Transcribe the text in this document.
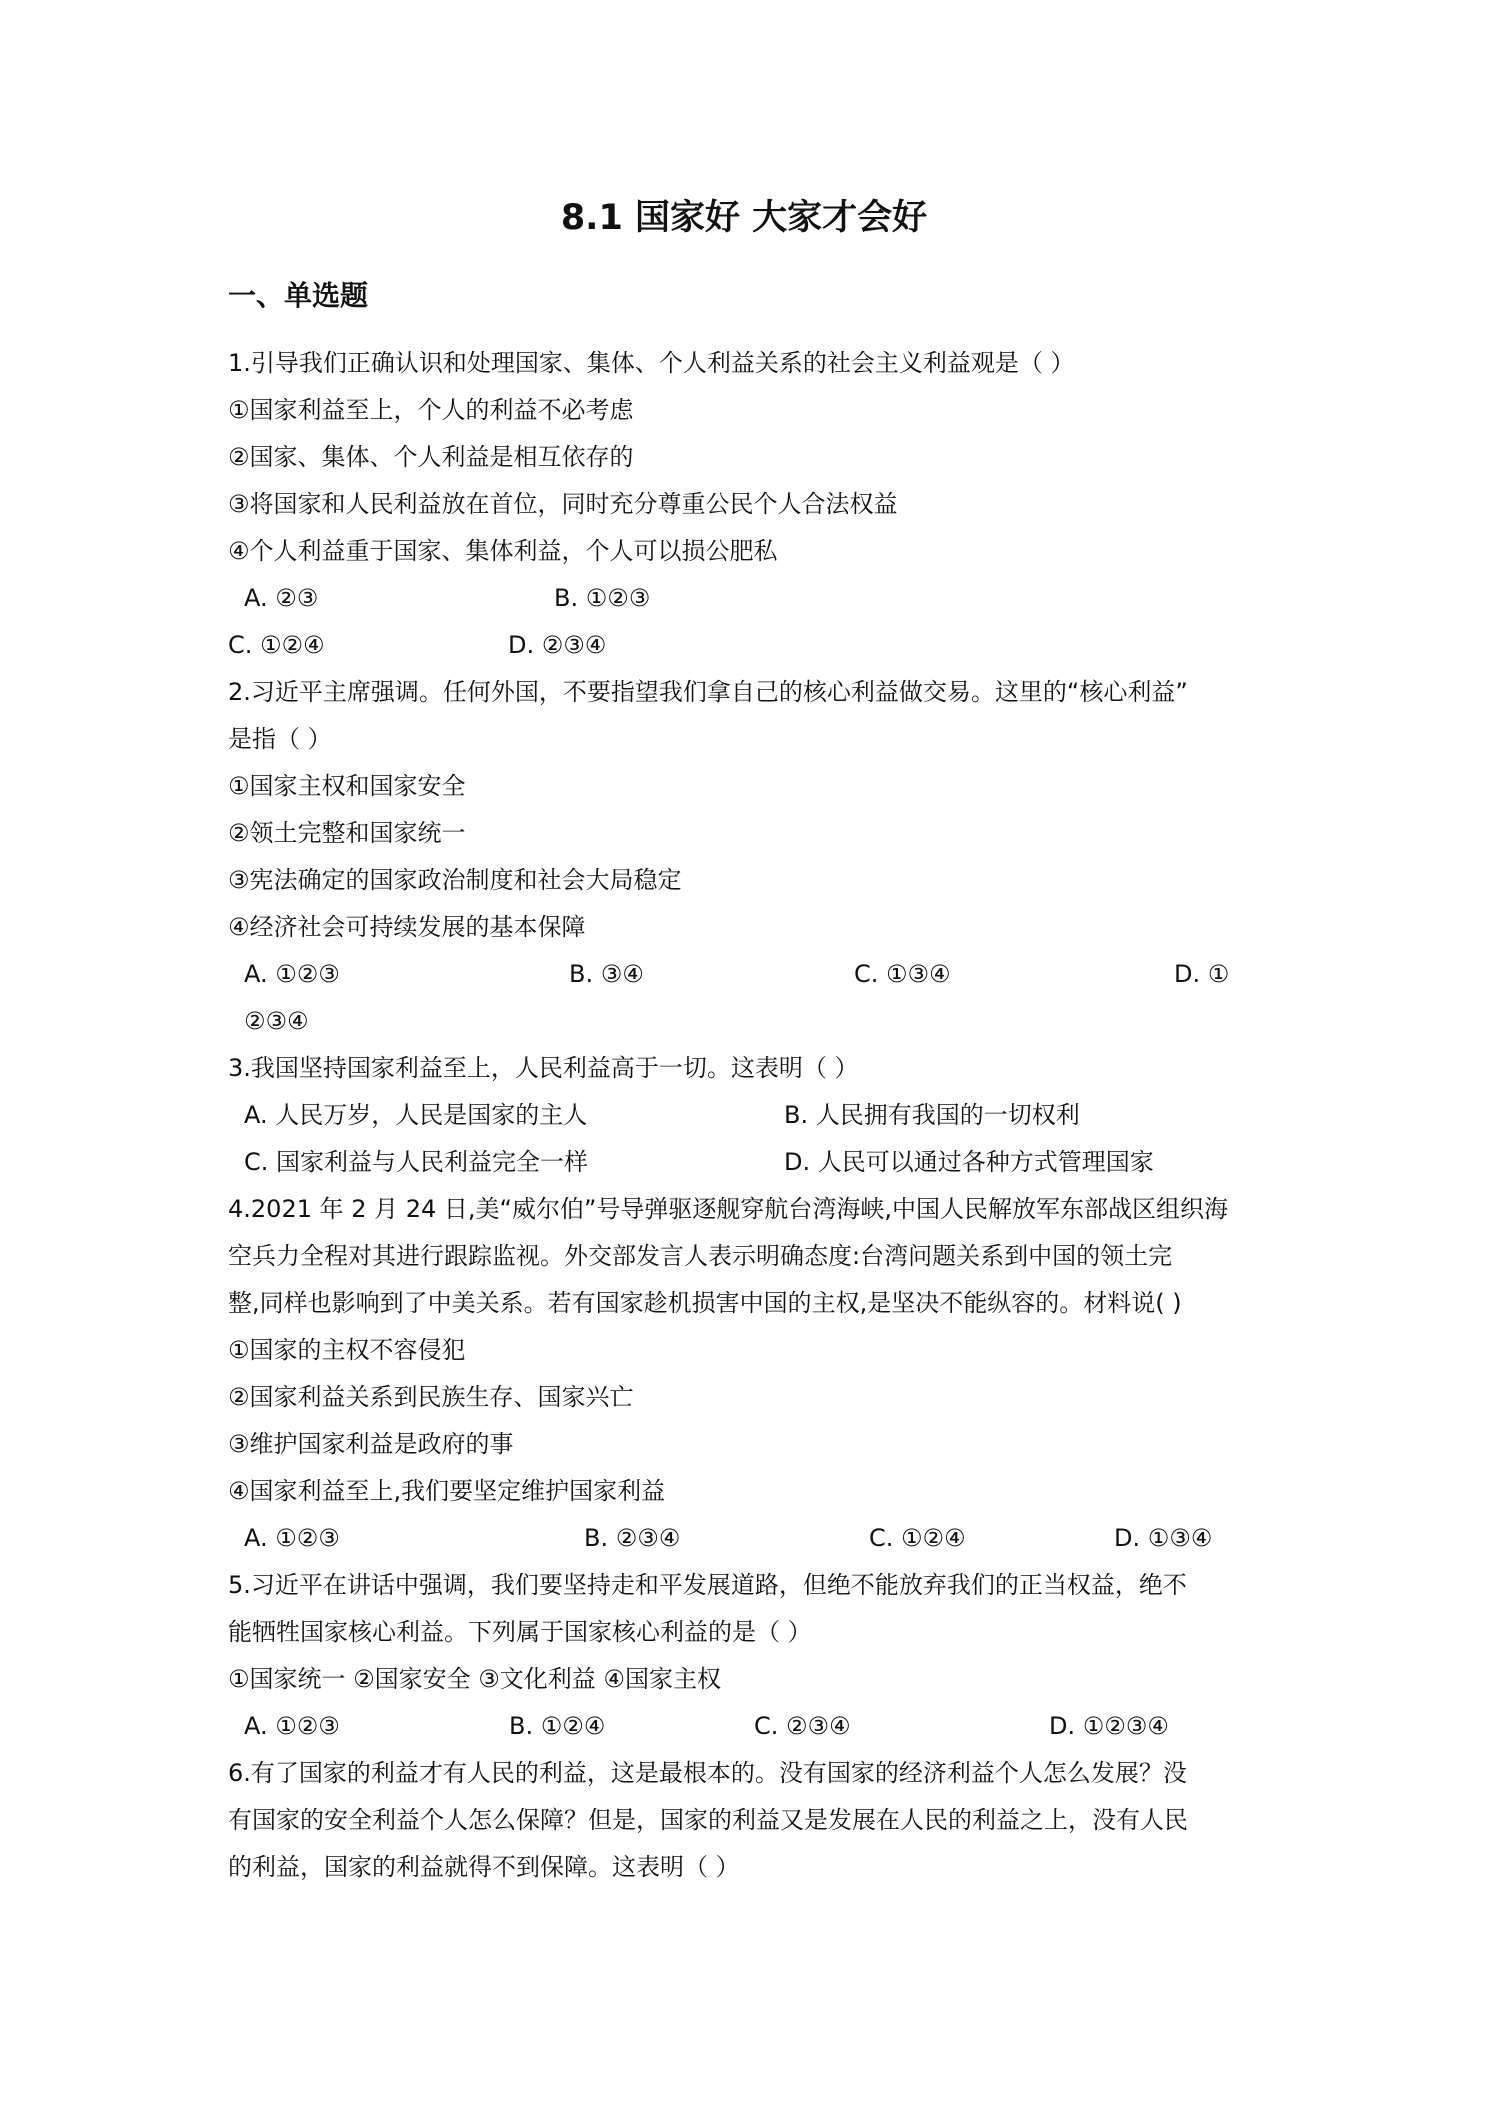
8.1 国家好 大家才会好
一、单选题
1.引导我们正确认识和处理国家、集体、个人利益关系的社会主义利益观是（ ）
①国家利益至上，个人的利益不必考虑
②国家、集体、个人利益是相互依存的
③将国家和人民利益放在首位，同时充分尊重公民个人合法权益
④个人利益重于国家、集体利益，个人可以损公肥私
A. ②③	B. ①②③
C. ①②④	D. ②③④
2.习近平主席强调。任何外国，不要指望我们拿自己的核心利益做交易。这里的“核心利益”
是指（ ）
①国家主权和国家安全
②领土完整和国家统一
③宪法确定的国家政治制度和社会大局稳定
④经济社会可持续发展的基本保障
A. ①②③	B. ③④	C. ①③④	D. ①
②③④
3.我国坚持国家利益至上，人民利益高于一切。这表明（ ）
A. 人民万岁，人民是国家的主人	B. 人民拥有我国的一切权利
C. 国家利益与人民利益完全一样	D. 人民可以通过各种方式管理国家
4.2021 年 2 月 24 日,美“威尔伯”号导弹驱逐舰穿航台湾海峡,中国人民解放军东部战区组织海
空兵力全程对其进行跟踪监视。外交部发言人表示明确态度:台湾问题关系到中国的领土完
整,同样也影响到了中美关系。若有国家趁机损害中国的主权,是坚决不能纵容的。材料说( )
①国家的主权不容侵犯
②国家利益关系到民族生存、国家兴亡
③维护国家利益是政府的事
④国家利益至上,我们要坚定维护国家利益
A. ①②③	B. ②③④	C. ①②④	D. ①③④
5.习近平在讲话中强调，我们要坚持走和平发展道路，但绝不能放弃我们的正当权益，绝不
能牺牲国家核心利益。下列属于国家核心利益的是（ ）
①国家统一 ②国家安全 ③文化利益 ④国家主权
A. ①②③	B. ①②④	C. ②③④	D. ①②③④
6.有了国家的利益才有人民的利益，这是最根本的。没有国家的经济利益个人怎么发展？没
有国家的安全利益个人怎么保障？但是，国家的利益又是发展在人民的利益之上，没有人民
的利益，国家的利益就得不到保障。这表明（ ）
